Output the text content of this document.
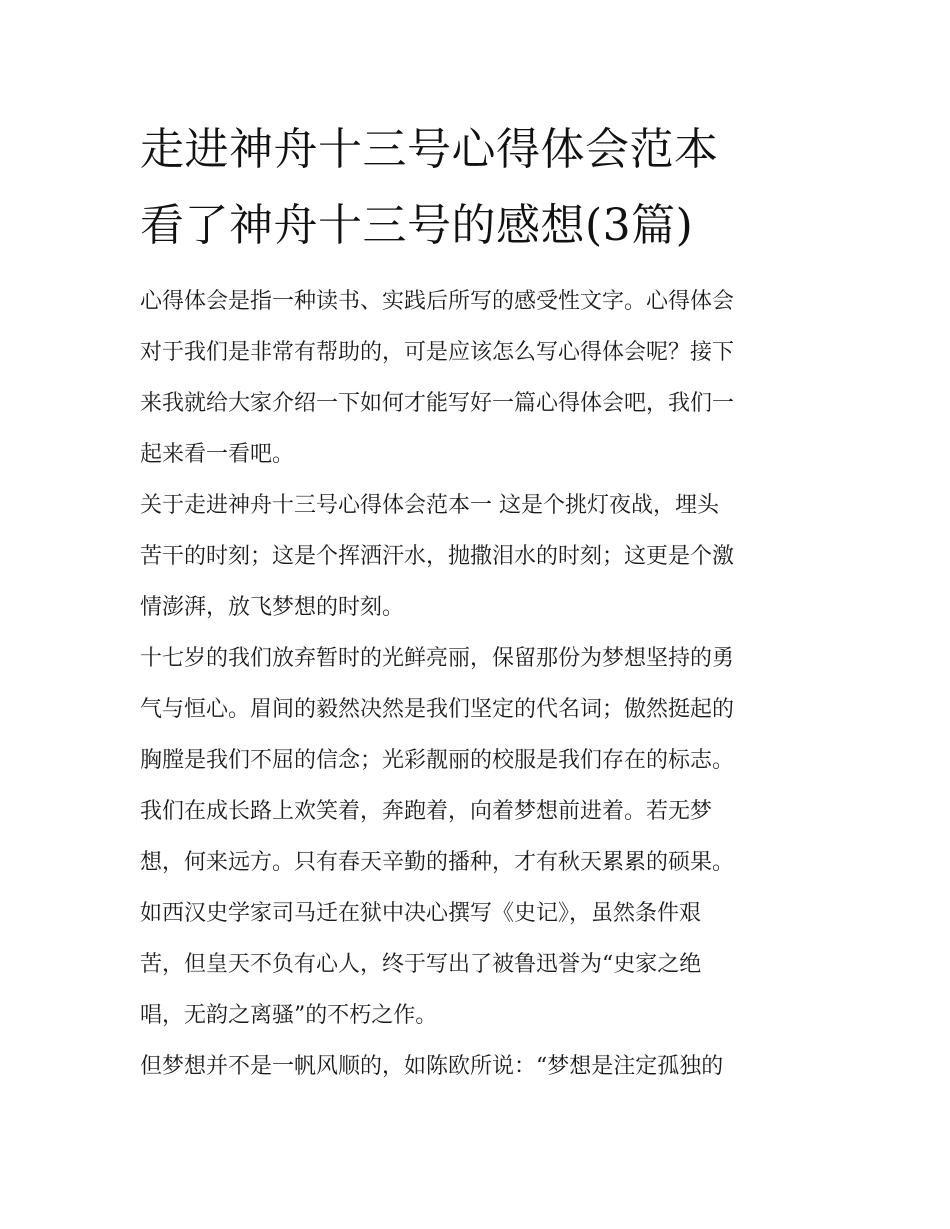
走进神舟十三号心得体会范本
看了神舟十三号的感想(3篇)

心得体会是指一种读书、实践后所写的感受性文字。心得体会
对于我们是非常有帮助的，可是应该怎么写心得体会呢？接下
来我就给大家介绍一下如何才能写好一篇心得体会吧，我们一
起来看一看吧。

关于走进神舟十三号心得体会范本一 这是个挑灯夜战，埋头
苦干的时刻；这是个挥洒汗水，抛撒泪水的时刻；这更是个激
情澎湃，放飞梦想的时刻。

十七岁的我们放弃暂时的光鲜亮丽，保留那份为梦想坚持的勇
气与恒心。眉间的毅然决然是我们坚定的代名词；傲然挺起的
胸膛是我们不屈的信念；光彩靓丽的校服是我们存在的标志。
我们在成长路上欢笑着，奔跑着，向着梦想前进着。若无梦
想，何来远方。只有春天辛勤的播种，才有秋天累累的硕果。
如西汉史学家司马迁在狱中决心撰写《史记》，虽然条件艰
苦，但皇天不负有心人，终于写出了被鲁迅誉为“史家之绝
唱，无韵之离骚”的不朽之作。

但梦想并不是一帆风顺的，如陈欧所说：“梦想是注定孤独的
